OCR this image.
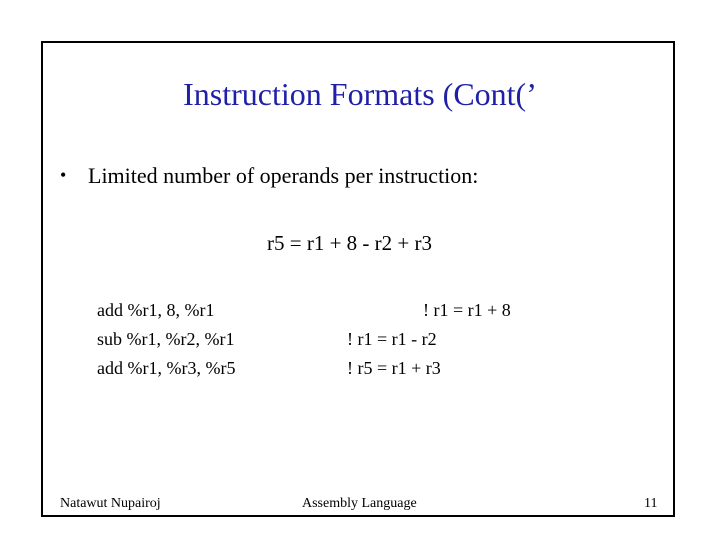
Instruction Formats (Cont(’
• Limited number of operands per instruction:
r5 = r1 + 8 - r2 + r3
add %r1, 8, %r1
sub %r1, %r2, %r1
add %r1, %r3, %r5
! r1 = r1 + 8
! r1 = r1 - r2
! r5 = r1 + r3
Natawut Nupairoj	Assembly Language	11
